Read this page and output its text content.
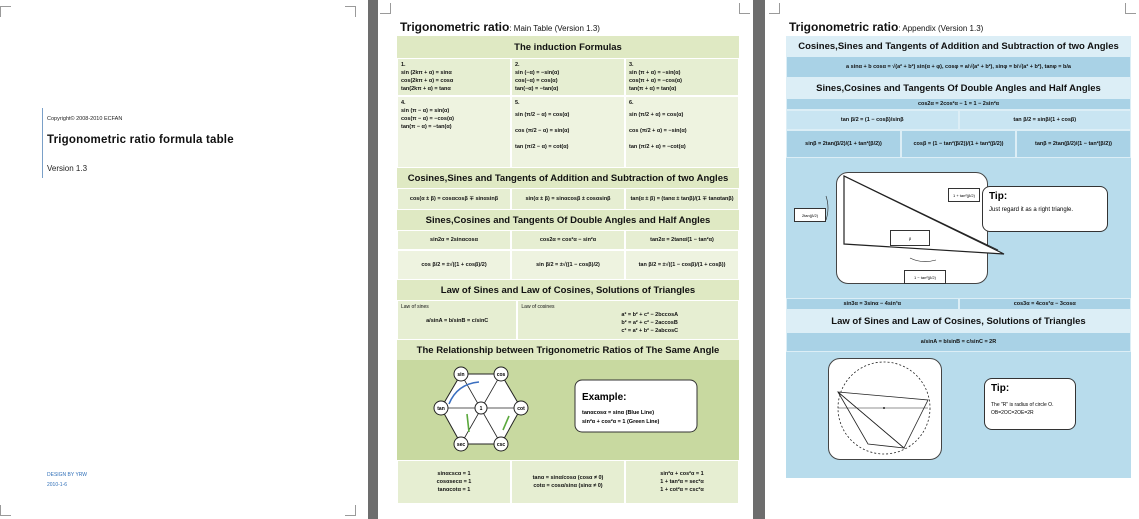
Copyright© 2008-2010 ECFAN
Trigonometric ratio formula table
Version 1.3
DESIGN BY YRW
2010-1-6
Trigonometric ratio: Main Table (Version 1.3)
The induction Formulas
1.
sin (2kπ + α) = sinα
cos(2kπ + α) = cosα
tan(2kπ + α) = tanα
2.
sin (−α) = −sin(α)
cos(−α) = cos(α)
tan(−α) = −tan(α)
3.
sin (π + α) = −sin(α)
cos(π + α) = −cos(α)
tan(π + α) = tan(α)
4.
sin (π − α) = sin(α)
cos(π − α) = −cos(α)
tan(π − α) = −tan(α)
5.
sin (π/2 − α) = cos(α)
cos (π/2 − α) = sin(α)
tan (π/2 − α) = cot(α)
6.
sin (π/2 + α) = cos(α)
cos (π/2 + α) = −sin(α)
tan (π/2 + α) = −cot(α)
Cosines,Sines and Tangents of Addition and Subtraction of two Angles
cos(α ± β) = cosαcosβ ∓ sinαsinβ	sin(α ± β) = sinαcosβ ± cosαsinβ	tan(α ± β) = (tanα ± tanβ)/(1 ∓ tanαtanβ)
Sines,Cosines and Tangents Of Double Angles and Half Angles
sin2α = 2sinαcosα	cos2α = cos²α − sin²α	tan2α = 2tanα/(1 − tan²α)
cos β/2 = ±√((1 + cosβ)/2)	sin β/2 = ±√((1 − cosβ)/2)	tan β/2 = ±√((1 − cosβ)/(1 + cosβ))
Law of Sines and Law of Cosines, Solutions of Triangles
Law of sines
a/sinA = b/sinB = c/sinC
Law of cosines
a² = b² + c² − 2bccosA
b² = a² + c² − 2accosB
c² = a² + b² − 2abcosC
The Relationship between Trigonometric Ratios of The Same Angle
sin	cos
tan	1	cot
sec	csc
Example:
tanαcosα = sinα (Blue Line)
sin²α + cos²α = 1 (Green Line)
sinαcscα = 1
cosαsecα = 1
tanαcotα = 1
tanα = sinα/cosα (cosα ≠ 0)
cotα = cosα/sinα (sinα ≠ 0)
sin²α + cos²α = 1
1 + tan²α = sec²α
1 + cot²α = csc²α
Trigonometric ratio: Appendix (Version 1.3)
Cosines,Sines and Tangents of Addition and Subtraction of two Angles
a sinα + b cosα = √(a² + b²) sin(α + φ), cosφ = a/√(a² + b²), sinφ = b/√(a² + b²), tanφ = b/a
Sines,Cosines and Tangents Of Double Angles and Half Angles
cos2α = 2cos²α − 1 = 1 − 2sin²α
tan β/2 = (1 − cosβ)/sinβ	tan β/2 = sinβ/(1 + cosβ)
sinβ = 2tan(β/2)/(1 + tan²(β/2))	cosβ = (1 − tan²(β/2))/(1 + tan²(β/2))	tanβ = 2tan(β/2)/(1 − tan²(β/2))
1 + tan²(β/2)
2tan(β/2)
β
1 − tan²(β/2)
Tip:
Just regard it as a right triangle.
sin3α = 3sinα − 4sin³α	cos3α = 4cos³α − 3cosα
Law of Sines and Law of Cosines, Solutions of Triangles
a/sinA = b/sinB = c/sinC = 2R
Tip:
The "R" is radius of circle O.
OB=2OC=2OE=2R
